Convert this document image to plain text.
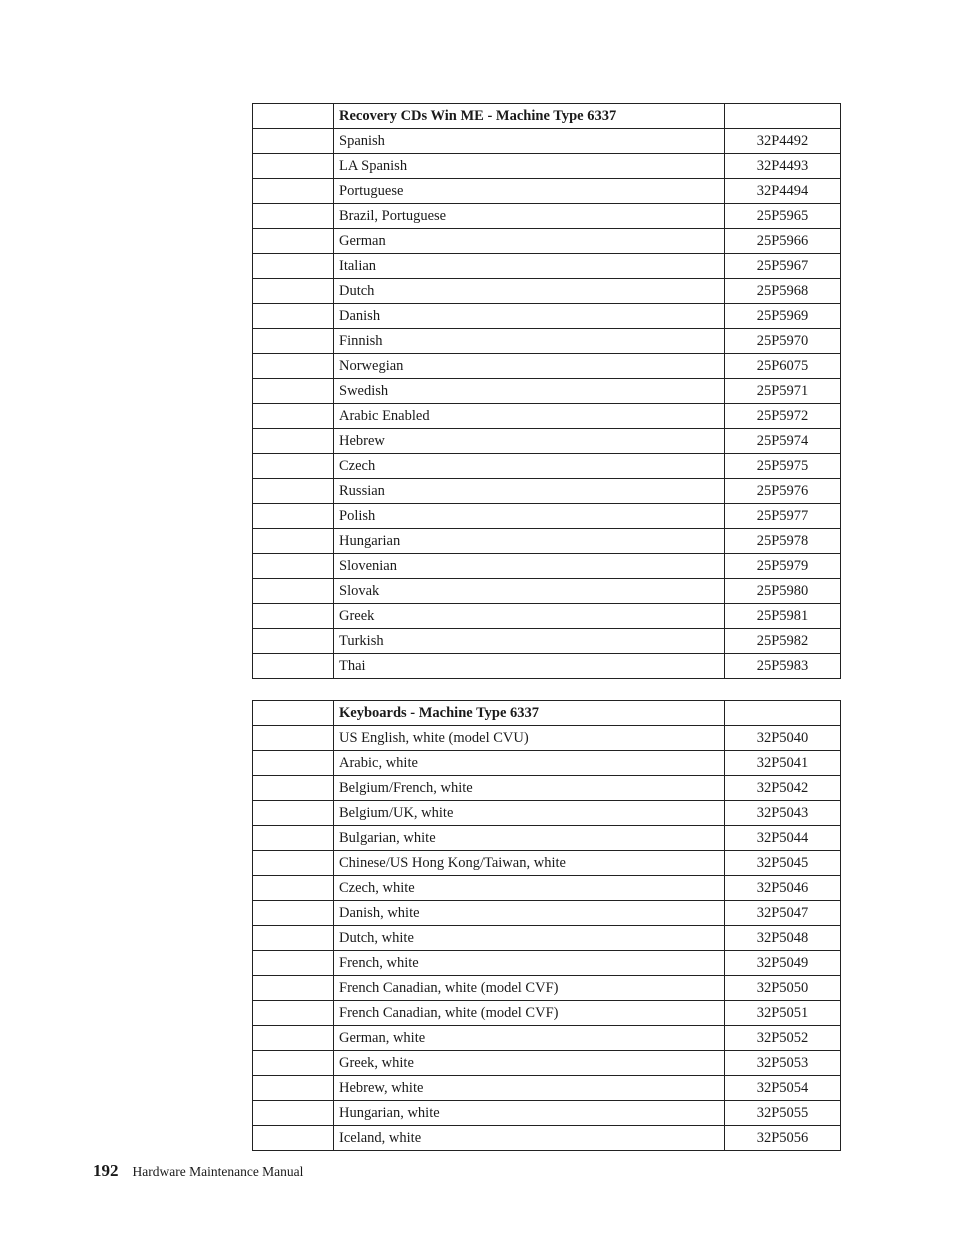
	Recovery CDs Win ME - Machine Type 6337	
	Spanish	32P4492
	LA Spanish	32P4493
	Portuguese	32P4494
	Brazil, Portuguese	25P5965
	German	25P5966
	Italian	25P5967
	Dutch	25P5968
	Danish	25P5969
	Finnish	25P5970
	Norwegian	25P6075
	Swedish	25P5971
	Arabic Enabled	25P5972
	Hebrew	25P5974
	Czech	25P5975
	Russian	25P5976
	Polish	25P5977
	Hungarian	25P5978
	Slovenian	25P5979
	Slovak	25P5980
	Greek	25P5981
	Turkish	25P5982
	Thai	25P5983
	Keyboards - Machine Type 6337	
	US English, white (model CVU)	32P5040
	Arabic, white	32P5041
	Belgium/French, white	32P5042
	Belgium/UK, white	32P5043
	Bulgarian, white	32P5044
	Chinese/US Hong Kong/Taiwan, white	32P5045
	Czech, white	32P5046
	Danish, white	32P5047
	Dutch, white	32P5048
	French, white	32P5049
	French Canadian, white (model CVF)	32P5050
	French Canadian, white (model CVF)	32P5051
	German, white	32P5052
	Greek, white	32P5053
	Hebrew, white	32P5054
	Hungarian, white	32P5055
	Iceland, white	32P5056
192 Hardware Maintenance Manual
